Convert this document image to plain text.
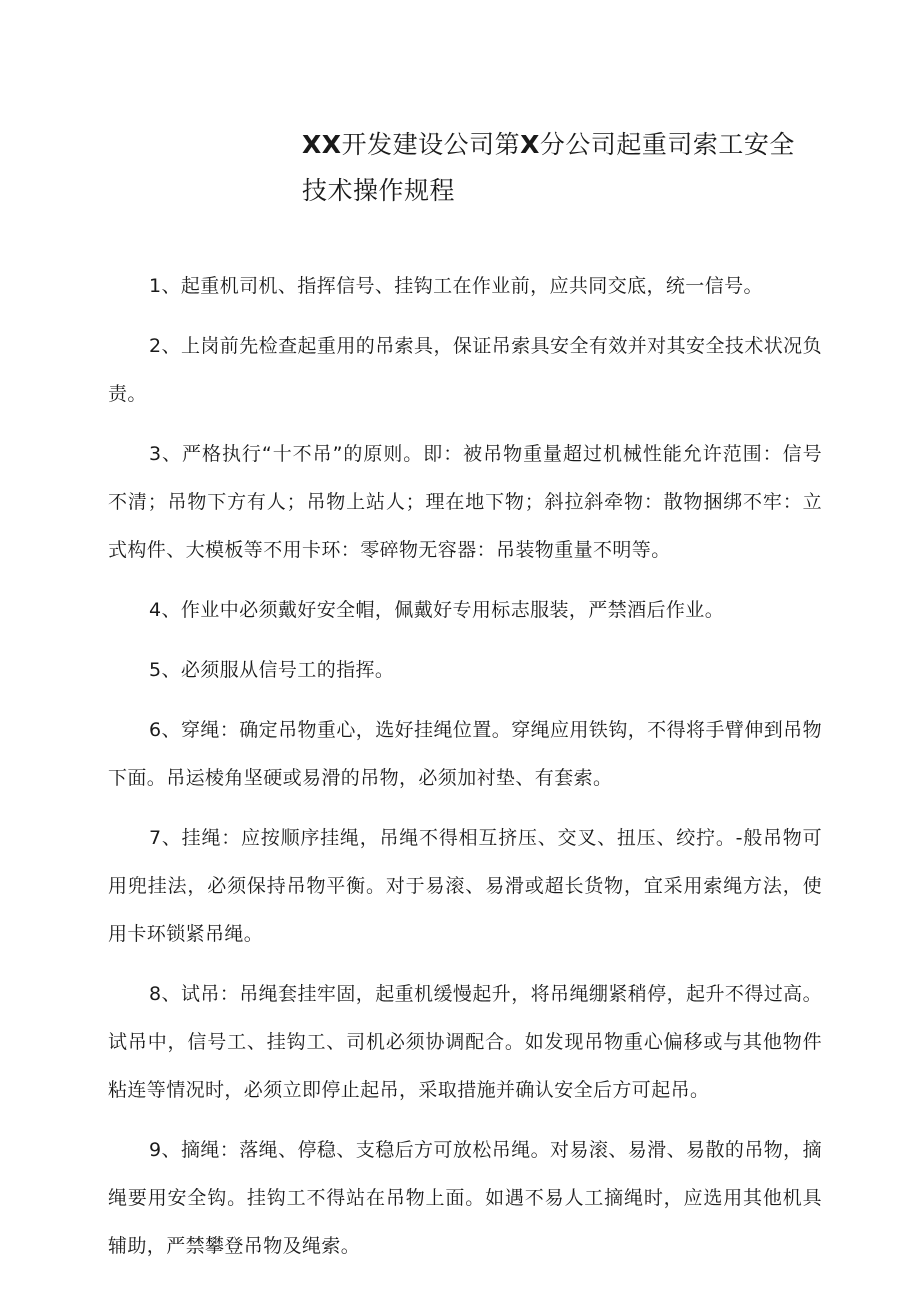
XX开发建设公司第X分公司起重司索工安全技术操作规程

1、起重机司机、指挥信号、挂钩工在作业前，应共同交底，统一信号。

2、上岗前先检查起重用的吊索具，保证吊索具安全有效并对其安全技术状况负责。

3、严格执行“十不吊”的原则。即：被吊物重量超过机械性能允许范围：信号不清；吊物下方有人；吊物上站人；理在地下物；斜拉斜牵物：散物捆绑不牢：立式构件、大模板等不用卡环：零碎物无容器：吊装物重量不明等。

4、作业中必须戴好安全帽，佩戴好专用标志服装，严禁酒后作业。

5、必须服从信号工的指挥。

6、穿绳：确定吊物重心，选好挂绳位置。穿绳应用铁钩，不得将手臂伸到吊物下面。吊运棱角坚硬或易滑的吊物，必须加衬垫、有套索。

7、挂绳：应按顺序挂绳，吊绳不得相互挤压、交叉、扭压、绞拧。-般吊物可用兜挂法，必须保持吊物平衡。对于易滚、易滑或超长货物，宜采用索绳方法，使用卡环锁紧吊绳。

8、试吊：吊绳套挂牢固，起重机缓慢起升，将吊绳绷紧稍停，起升不得过高。试吊中，信号工、挂钩工、司机必须协调配合。如发现吊物重心偏移或与其他物件粘连等情况时，必须立即停止起吊，采取措施并确认安全后方可起吊。

9、摘绳：落绳、停稳、支稳后方可放松吊绳。对易滚、易滑、易散的吊物，摘绳要用安全钩。挂钩工不得站在吊物上面。如遇不易人工摘绳时，应选用其他机具辅助，严禁攀登吊物及绳索。
